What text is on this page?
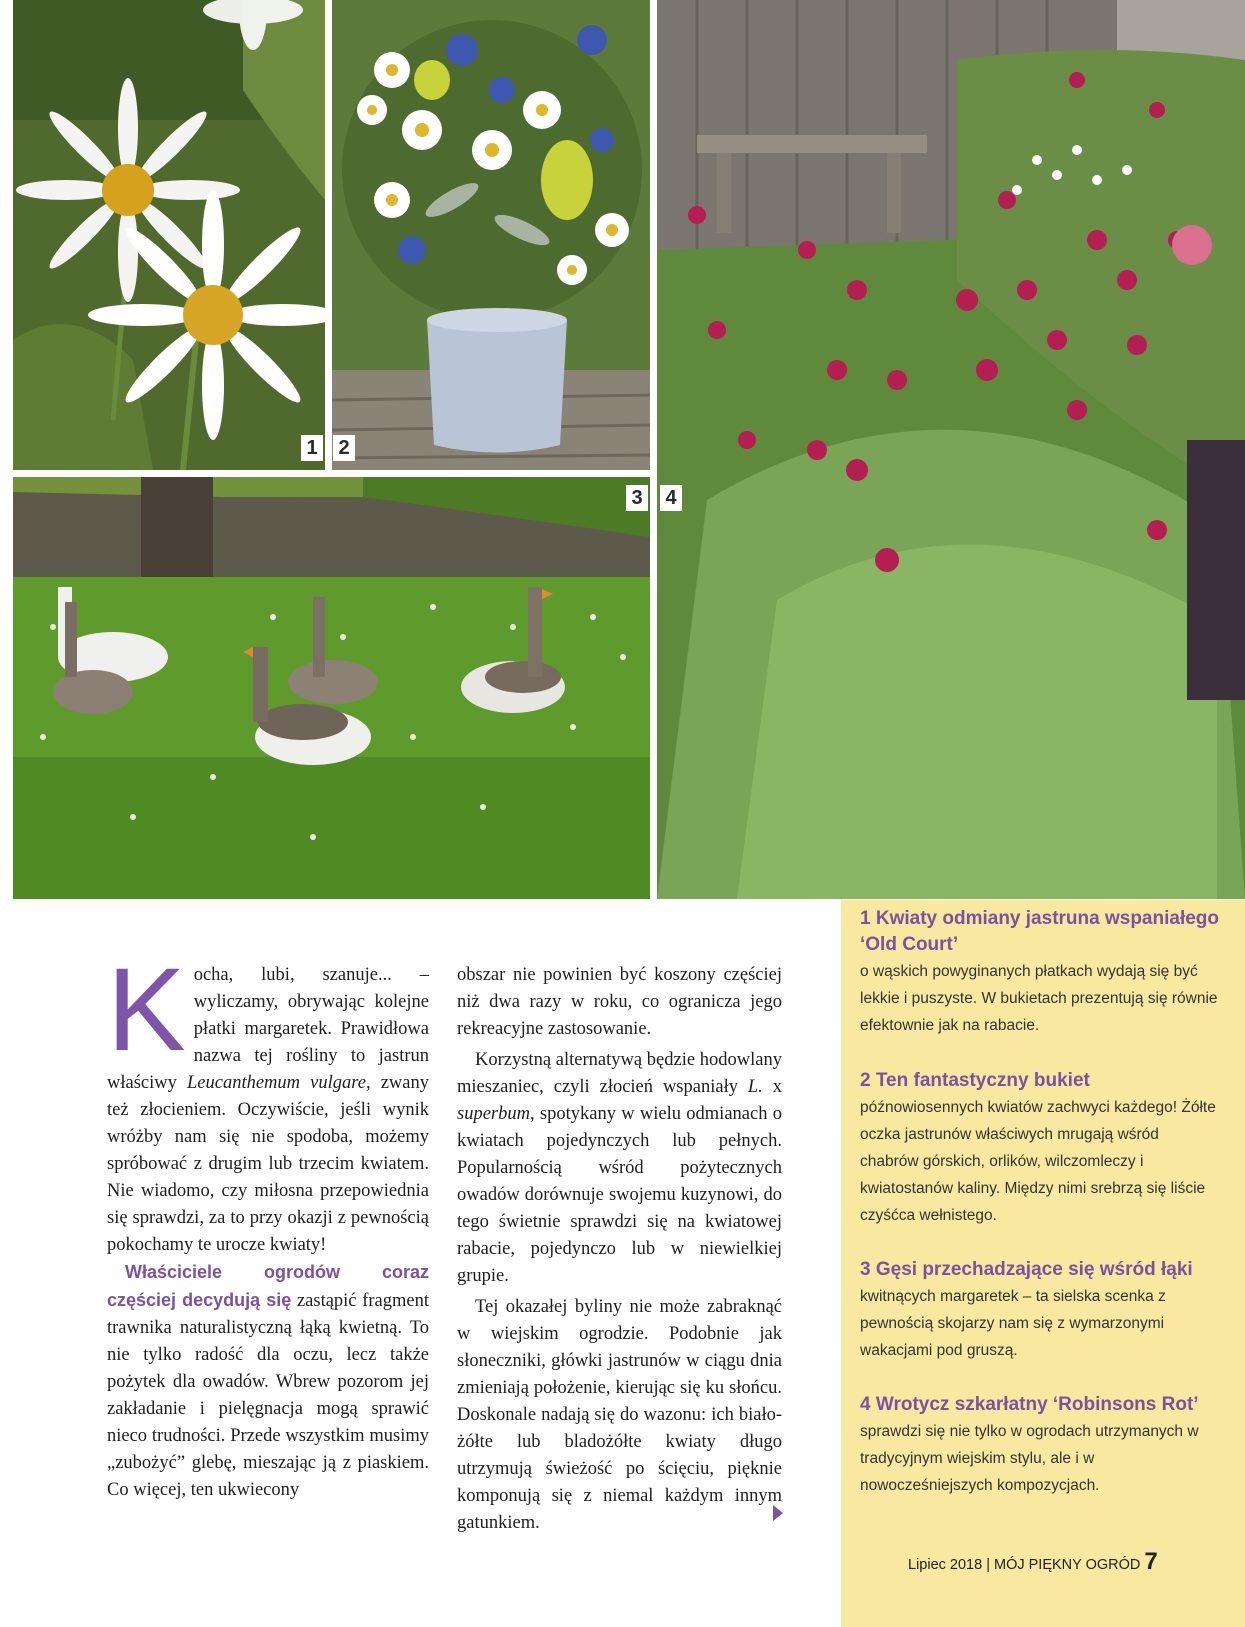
1 2
3 4
1 Kwiaty odmiany jastruna wspaniałego ‘Old Court’
o wąskich powyginanych płatkach wydają się być lekkie i puszyste. W bukietach prezentują się równie efektownie jak na rabacie.
2 Ten fantastyczny bukiet
późnowiosennych kwiatów zachwyci każdego! Żółte oczka jastrunów właściwych mrugają wśród chabrów górskich, orlików, wilczomleczy i kwiatostanów kaliny. Między nimi srebrzą się liście czyśćca wełnistego.
3 Gęsi przechadzające się wśród łąki
kwitnących margaretek – ta sielska scenka z pewnością skojarzy nam się z wymarzonymi wakacjami pod gruszą.
4 Wrotycz szkarłatny ‘Robinsons Rot’
sprawdzi się nie tylko w ogrodach utrzymanych w tradycyjnym wiejskim stylu, ale i w nowocześniejszych kompozycjach.

Kocha, lubi, szanuje... – wyliczamy, obrywając kolejne płatki margaretek. Prawidłowa nazwa tej rośliny to jastrun właściwy Leucanthemum vulgare, zwany też złocieniem. Oczywiście, jeśli wynik wróżby nam się nie spodoba, możemy spróbować z drugim lub trzecim kwiatem. Nie wiadomo, czy miłosna przepowiednia się sprawdzi, za to przy okazji z pewnością pokochamy te urocze kwiaty!

Właściciele ogrodów coraz częściej decydują się zastąpić fragment trawnika naturalistyczną łąką kwietną. To nie tylko radość dla oczu, lecz także pożytek dla owadów. Wbrew pozorom jej zakładanie i pielęgnacja mogą sprawić nieco trudności. Przede wszystkim musimy „zubożyć” glebę, mieszając ją z piaskiem. Co więcej, ten ukwiecony

obszar nie powinien być koszony częściej niż dwa razy w roku, co ogranicza jego rekreacyjne zastosowanie.

Korzystną alternatywą będzie hodowlany mieszaniec, czyli złocień wspaniały L. x superbum, spotykany w wielu odmianach o kwiatach pojedynczych lub pełnych. Popularnością wśród pożytecznych owadów dorównuje swojemu kuzynowi, do tego świetnie sprawdzi się na kwiatowej rabacie, pojedynczo lub w niewielkiej grupie.

Tej okazałej byliny nie może zabraknąć w wiejskim ogrodzie. Podobnie jak słoneczniki, główki jastrunów w ciągu dnia zmieniają położenie, kierując się ku słońcu. Doskonale nadają się do wazonu: ich biało-żółte lub bladożółte kwiaty długo utrzymują świeżość po ścięciu, pięknie komponują się z niemal każdym innym gatunkiem.

Lipiec 2018 | MÓJ PIĘKNY OGRÓD 7
